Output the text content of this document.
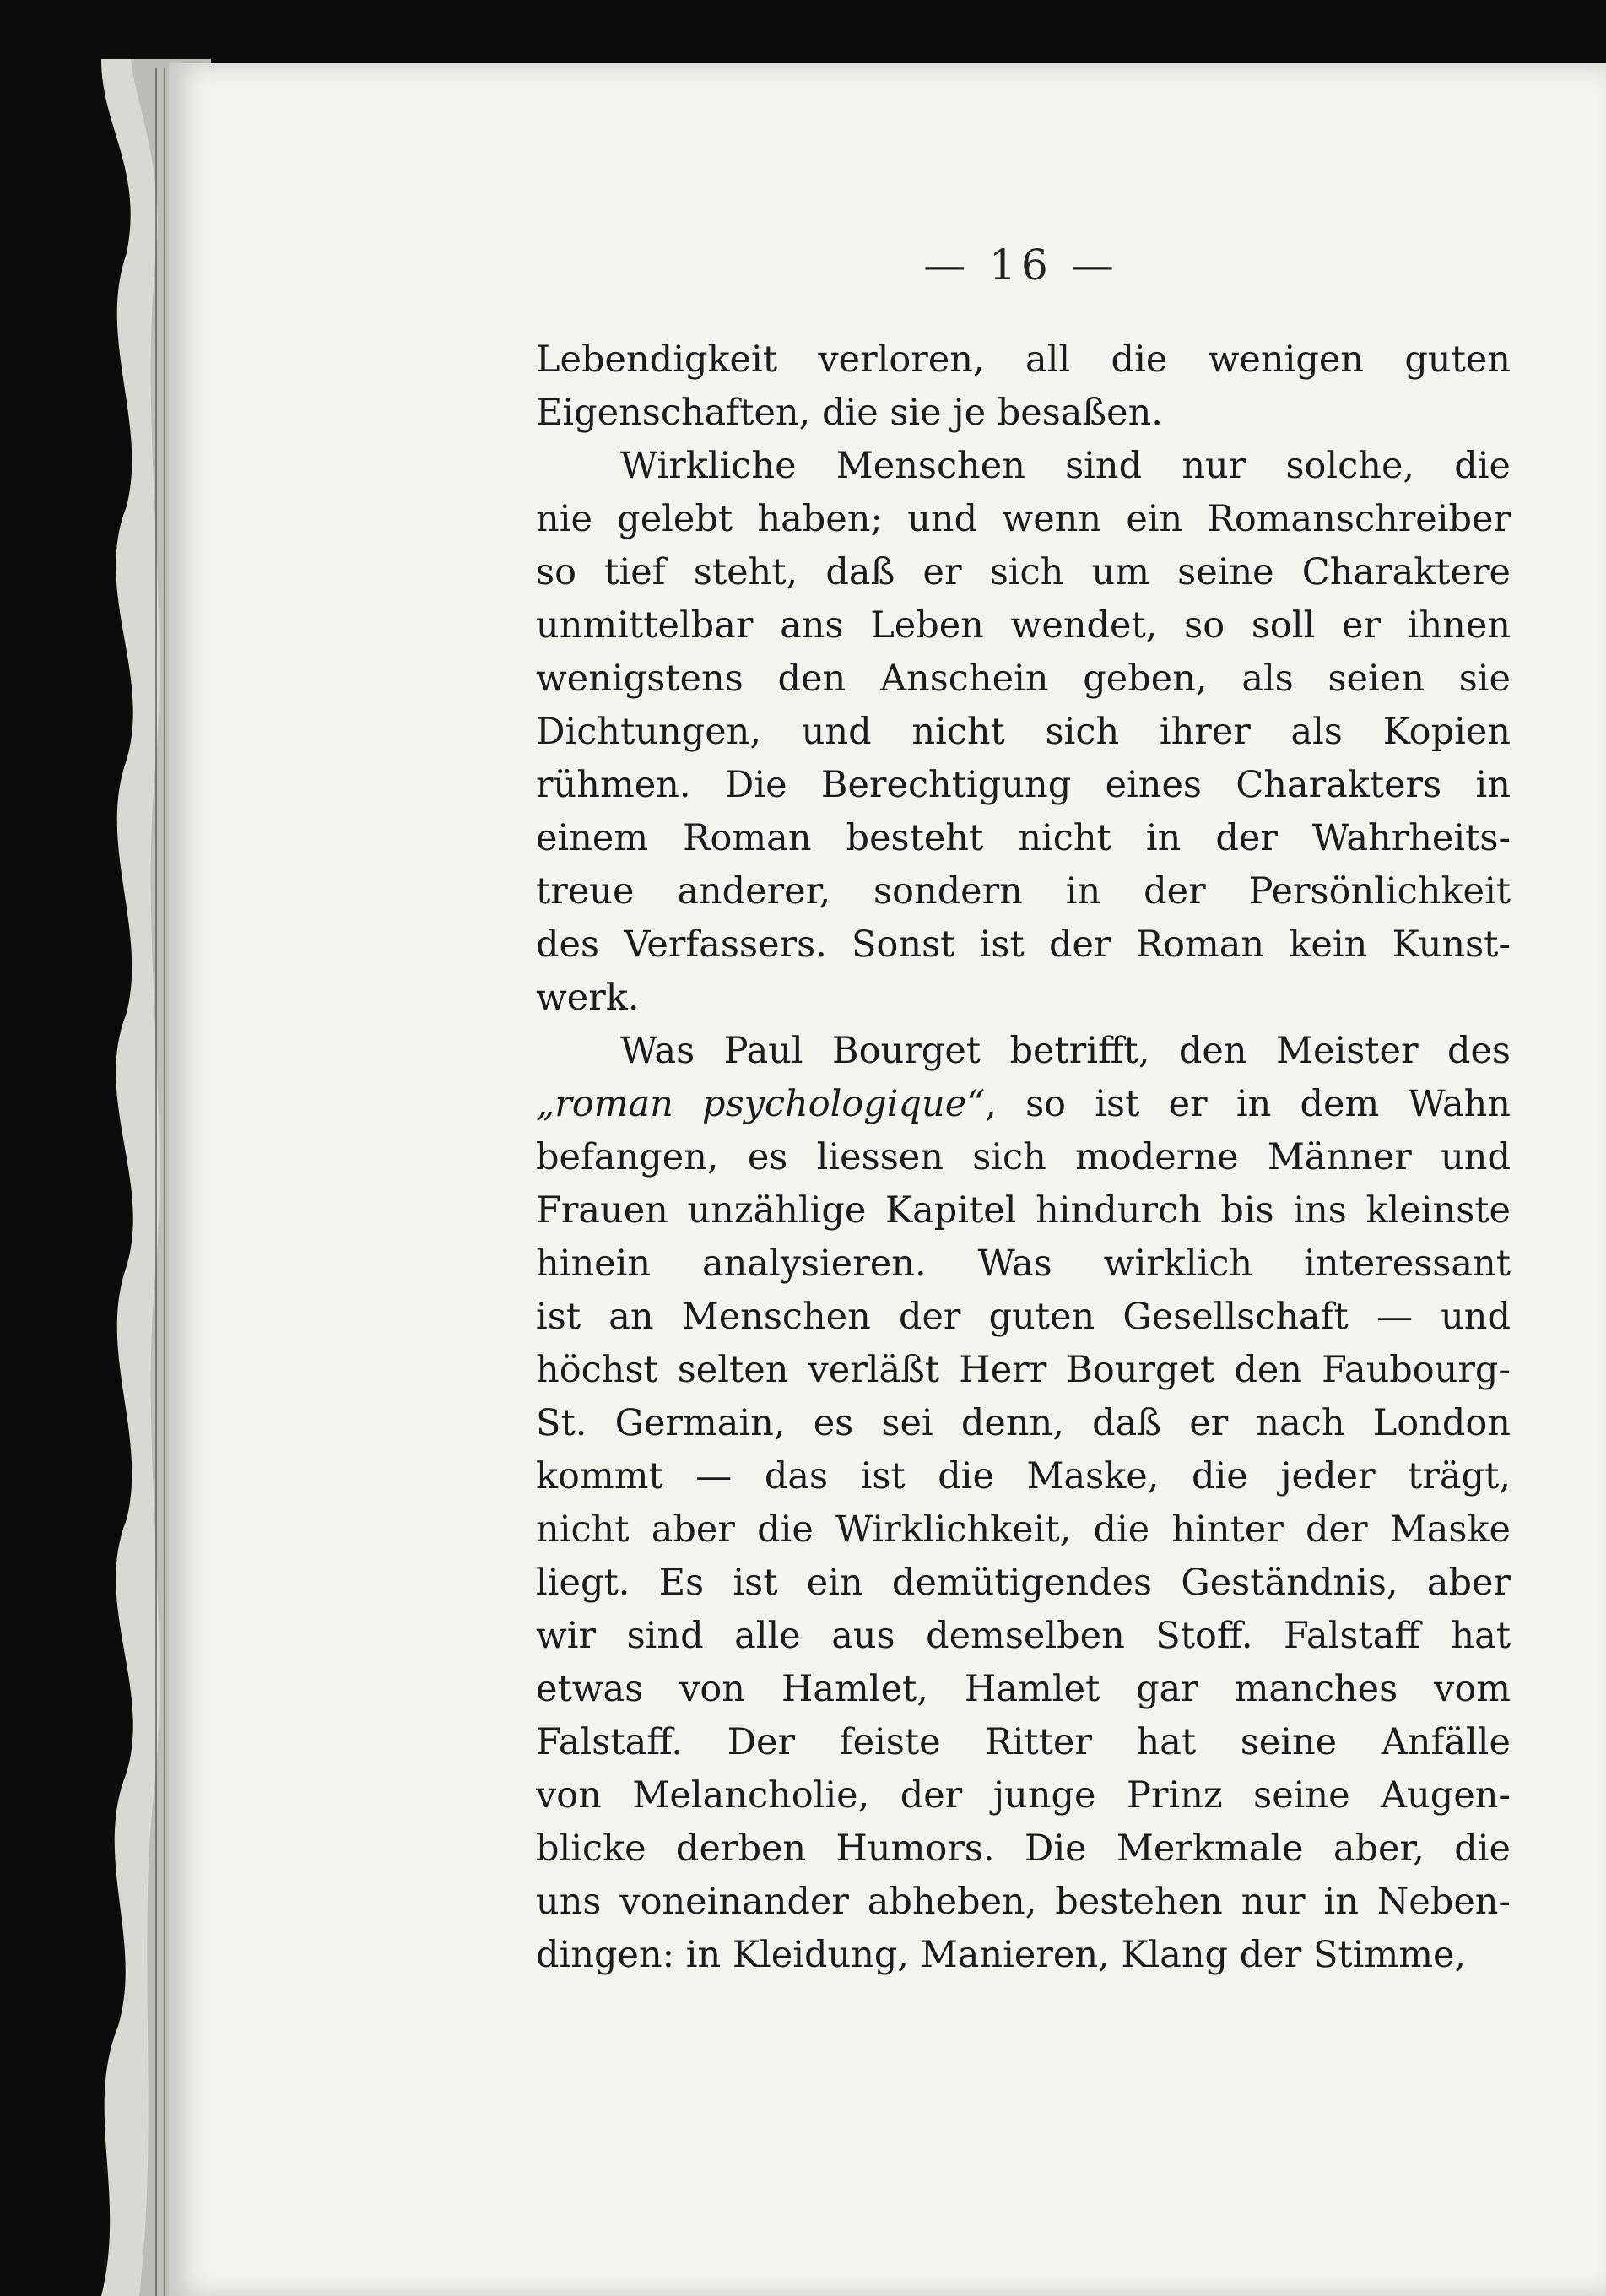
— 16 —
Lebendigkeit verloren, all die wenigen guten
Eigenschaften, die sie je besaßen.
Wirkliche Menschen sind nur solche, die
nie gelebt haben; und wenn ein Romanschreiber
so tief steht, daß er sich um seine Charaktere
unmittelbar ans Leben wendet, so soll er ihnen
wenigstens den Anschein geben, als seien sie
Dichtungen, und nicht sich ihrer als Kopien
rühmen. Die Berechtigung eines Charakters in
einem Roman besteht nicht in der Wahrheits-
treue anderer, sondern in der Persönlichkeit
des Verfassers. Sonst ist der Roman kein Kunst-
werk.
Was Paul Bourget betrifft, den Meister des
„roman psychologique“, so ist er in dem Wahn
befangen, es liessen sich moderne Männer und
Frauen unzählige Kapitel hindurch bis ins kleinste
hinein analysieren. Was wirklich interessant
ist an Menschen der guten Gesellschaft — und
höchst selten verläßt Herr Bourget den Faubourg-
St. Germain, es sei denn, daß er nach London
kommt — das ist die Maske, die jeder trägt,
nicht aber die Wirklichkeit, die hinter der Maske
liegt. Es ist ein demütigendes Geständnis, aber
wir sind alle aus demselben Stoff. Falstaff hat
etwas von Hamlet, Hamlet gar manches vom
Falstaff. Der feiste Ritter hat seine Anfälle
von Melancholie, der junge Prinz seine Augen-
blicke derben Humors. Die Merkmale aber, die
uns voneinander abheben, bestehen nur in Neben-
dingen: in Kleidung, Manieren, Klang der Stimme,
